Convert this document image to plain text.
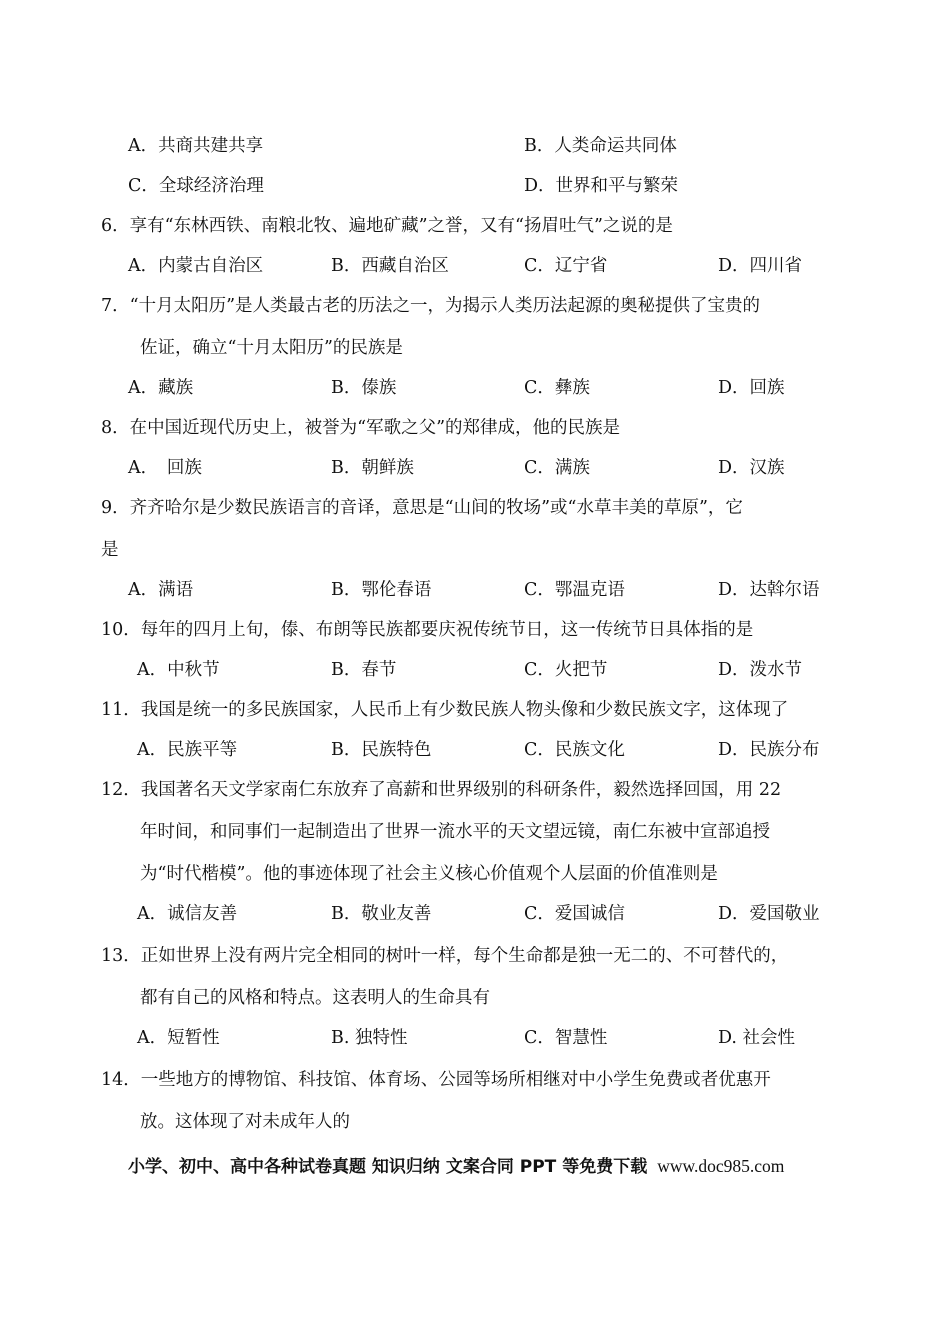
A．共商共建共享	B．人类命运共同体
C．全球经济治理	D．世界和平与繁荣
6．享有“东林西铁、南粮北牧、遍地矿藏”之誉，又有“扬眉吐气”之说的是
A．内蒙古自治区	B．西藏自治区	C．辽宁省	D．四川省
7．“十月太阳历”是人类最古老的历法之一，为揭示人类历法起源的奥秘提供了宝贵的
佐证，确立“十月太阳历”的民族是
A．藏族	B．傣族	C．彝族	D．回族
8．在中国近现代历史上，被誉为“军歌之父”的郑律成，他的民族是
A．　回族	B．朝鲜族	C．满族	D．汉族
9．齐齐哈尔是少数民族语言的音译，意思是“山间的牧场”或“水草丰美的草原”，它
是
A．满语	B．鄂伦春语	C．鄂温克语	D．达斡尔语
10．每年的四月上旬，傣、布朗等民族都要庆祝传统节日，这一传统节日具体指的是
A．中秋节	B．春节	C．火把节	D．泼水节
11．我国是统一的多民族国家，人民币上有少数民族人物头像和少数民族文字，这体现了
A．民族平等	B．民族特色	C．民族文化	D．民族分布
12．我国著名天文学家南仁东放弃了高薪和世界级别的科研条件，毅然选择回国，用 22
年时间，和同事们一起制造出了世界一流水平的天文望远镜，南仁东被中宣部追授
为“时代楷模”。他的事迹体现了社会主义核心价值观个人层面的价值准则是
A．诚信友善	B．敬业友善	C．爱国诚信	D．爱国敬业
13．正如世界上没有两片完全相同的树叶一样，每个生命都是独一无二的、不可替代的，
都有自己的风格和特点。这表明人的生命具有
A．短暂性	B. 独特性	C．智慧性	D. 社会性
14．一些地方的博物馆、科技馆、体育场、公园等场所相继对中小学生免费或者优惠开
放。这体现了对未成年人的
小学、初中、高中各种试卷真题 知识归纳 文案合同 PPT 等免费下载 www.doc985.com
